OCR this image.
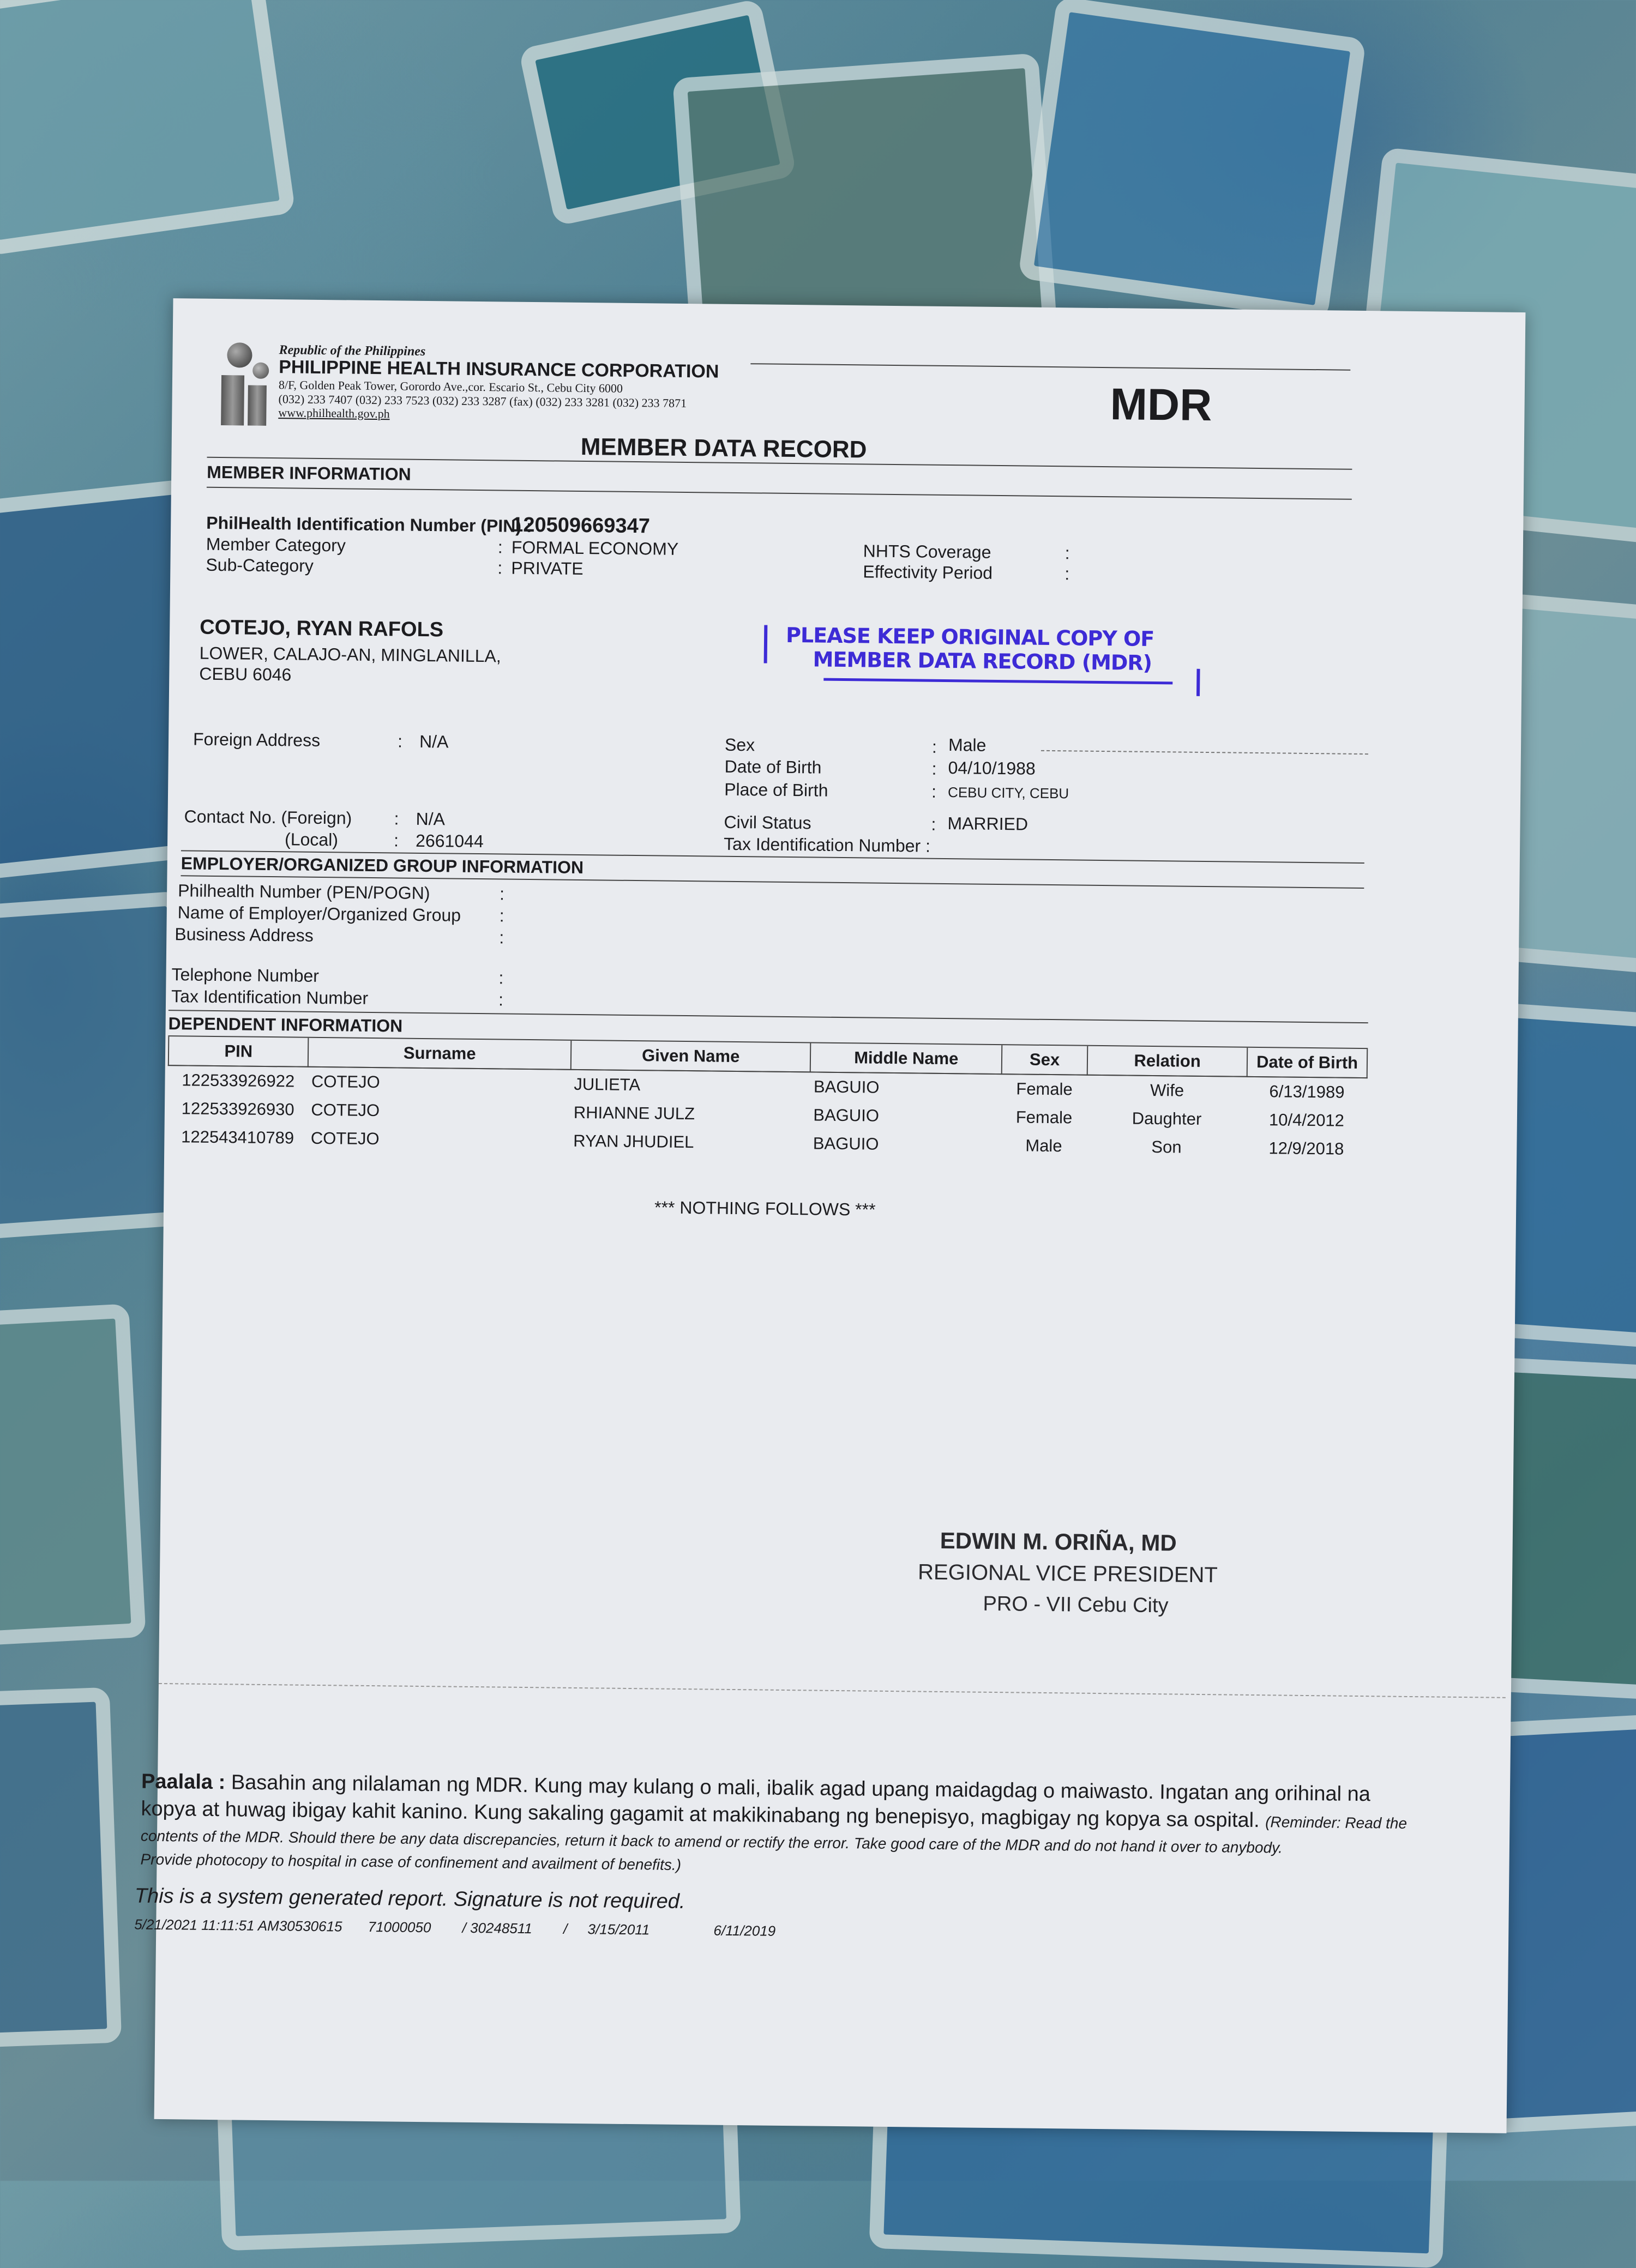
Republic of the Philippines
PHILIPPINE HEALTH INSURANCE CORPORATION
8/F, Golden Peak Tower, Gorordo Ave.,cor. Escario St., Cebu City 6000
(032) 233 7407 (032) 233 7523 (032) 233 3287 (fax) (032) 233 3281 (032) 233 7871
www.philhealth.gov.ph	MDR
MEMBER DATA RECORD
MEMBER INFORMATION
PhilHealth Identification Number (PIN) :
120509669347
Member Category	: FORMAL ECONOMY
Sub-Category	: PRIVATE
NHTS Coverage	:
Effectivity Period	:
COTEJO, RYAN RAFOLS
LOWER, CALAJO-AN, MINGLANILLA,
CEBU 6046
PLEASE KEEP ORIGINAL COPY OF
MEMBER DATA RECORD (MDR)
Foreign Address	: N/A	Sex	: Male
Date of Birth	: 04/10/1988
Place of Birth	: CEBU CITY, CEBU
Contact No. (Foreign) : N/A
(Local)	: 2661044
Civil Status	: MARRIED
Tax Identification Number :
EMPLOYER/ORGANIZED GROUP INFORMATION
Philhealth Number (PEN/POGN)	:
Name of Employer/Organized Group :
Business Address	:
Telephone Number	:
Tax Identification Number	:
DEPENDENT INFORMATION
PIN	Surname	Given Name	Middle Name	Sex	Relation	Date of Birth
122533926922	COTEJO	JULIETA	BAGUIO	Female	Wife	6/13/1989
122533926930	COTEJO	RHIANNE JULZ	BAGUIO	Female	Daughter	10/4/2012
122543410789	COTEJO	RYAN JHUDIEL	BAGUIO	Male	Son	12/9/2018
*** NOTHING FOLLOWS ***
EDWIN M. ORIÑA, MD
REGIONAL VICE PRESIDENT
PRO - VII Cebu City
Paalala : Basahin ang nilalaman ng MDR. Kung may kulang o mali, ibalik agad upang maidagdag o maiwasto. Ingatan ang orihinal na
kopya at huwag ibigay kahit kanino. Kung sakaling gagamit at makikinabang ng benepisyo, magbigay ng kopya sa ospital. (Reminder: Read the
contents of the MDR. Should there be any data discrepancies, return it back to amend or rectify the error. Take good care of the MDR and do not hand it over to anybody.
Provide photocopy to hospital in case of confinement and availment of benefits.)
This is a system generated report. Signature is not required.
5/21/2021 11:11:51 AM30530615 71000050 / 30248511 / 3/15/2011	6/11/2019
